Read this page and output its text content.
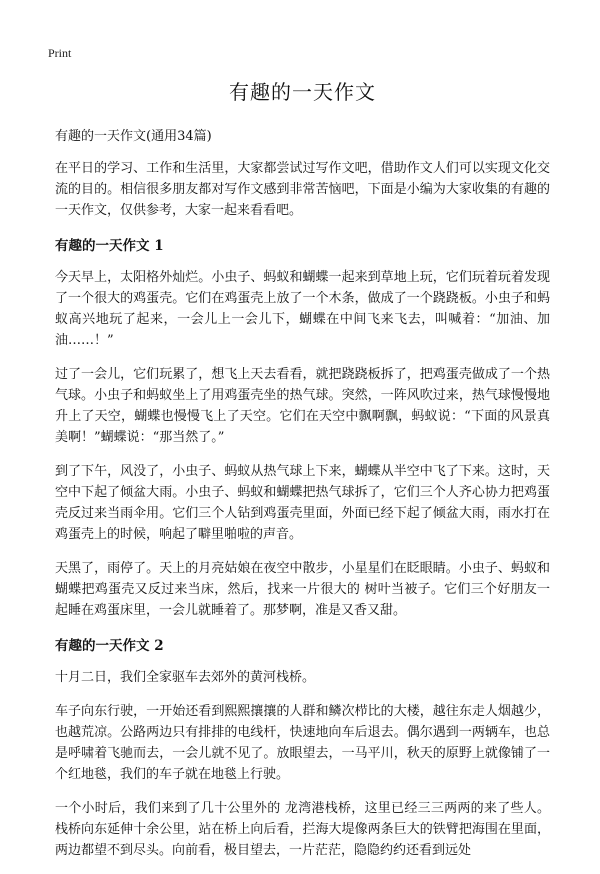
Print
有趣的一天作文
有趣的一天作文(通用34篇)

在平日的学习、工作和生活里，大家都尝试过写作文吧，借助作文人们可以实现文化交流的目的。相信很多朋友都对写作文感到非常苦恼吧，下面是小编为大家收集的有趣的一天作文，仅供参考，大家一起来看看吧。

有趣的一天作文 1

今天早上，太阳格外灿烂。小虫子、蚂蚁和蝴蝶一起来到草地上玩，它们玩着玩着发现了一个很大的鸡蛋壳。它们在鸡蛋壳上放了一个木条，做成了一个跷跷板。小虫子和蚂蚁高兴地玩了起来，一会儿上一会儿下，蝴蝶在中间飞来飞去，叫喊着：“加油、加油……！”

过了一会儿，它们玩累了，想飞上天去看看，就把跷跷板拆了，把鸡蛋壳做成了一个热气球。小虫子和蚂蚁坐上了用鸡蛋壳坐的热气球。突然，一阵风吹过来，热气球慢慢地升上了天空，蝴蝶也慢慢飞上了天空。它们在天空中飘啊飘，蚂蚁说：“下面的风景真美啊！”蝴蝶说：“那当然了。”

到了下午，风没了，小虫子、蚂蚁从热气球上下来，蝴蝶从半空中飞了下来。这时，天空中下起了倾盆大雨。小虫子、蚂蚁和蝴蝶把热气球拆了，它们三个人齐心协力把鸡蛋壳反过来当雨伞用。它们三个人钻到鸡蛋壳里面，外面已经下起了倾盆大雨，雨水打在鸡蛋壳上的时候，响起了噼里啪啦的声音。

天黑了，雨停了。天上的月亮姑娘在夜空中散步，小星星们在眨眼睛。小虫子、蚂蚁和蝴蝶把鸡蛋壳又反过来当床，然后，找来一片很大的 树叶当被子。它们三个好朋友一起睡在鸡蛋床里，一会儿就睡着了。那梦啊，准是又香又甜。

有趣的一天作文 2

十月二日，我们全家驱车去郊外的黄河栈桥。

车子向东行驶，一开始还看到熙熙攘攘的人群和鳞次栉比的大楼，越往东走人烟越少，也越荒凉。公路两边只有排排的电线杆，快速地向车后退去。偶尔遇到一两辆车，也总是呼啸着飞驰而去，一会儿就不见了。放眼望去，一马平川，秋天的原野上就像铺了一个红地毯，我们的车子就在地毯上行驶。

一个小时后，我们来到了几十公里外的 龙湾港栈桥，这里已经三三两两的来了些人。栈桥向东延伸十余公里，站在桥上向后看，拦海大堤像两条巨大的铁臂把海围在里面，两边都望不到尽头。向前看，极目望去，一片茫茫，隐隐约约还看到远处
